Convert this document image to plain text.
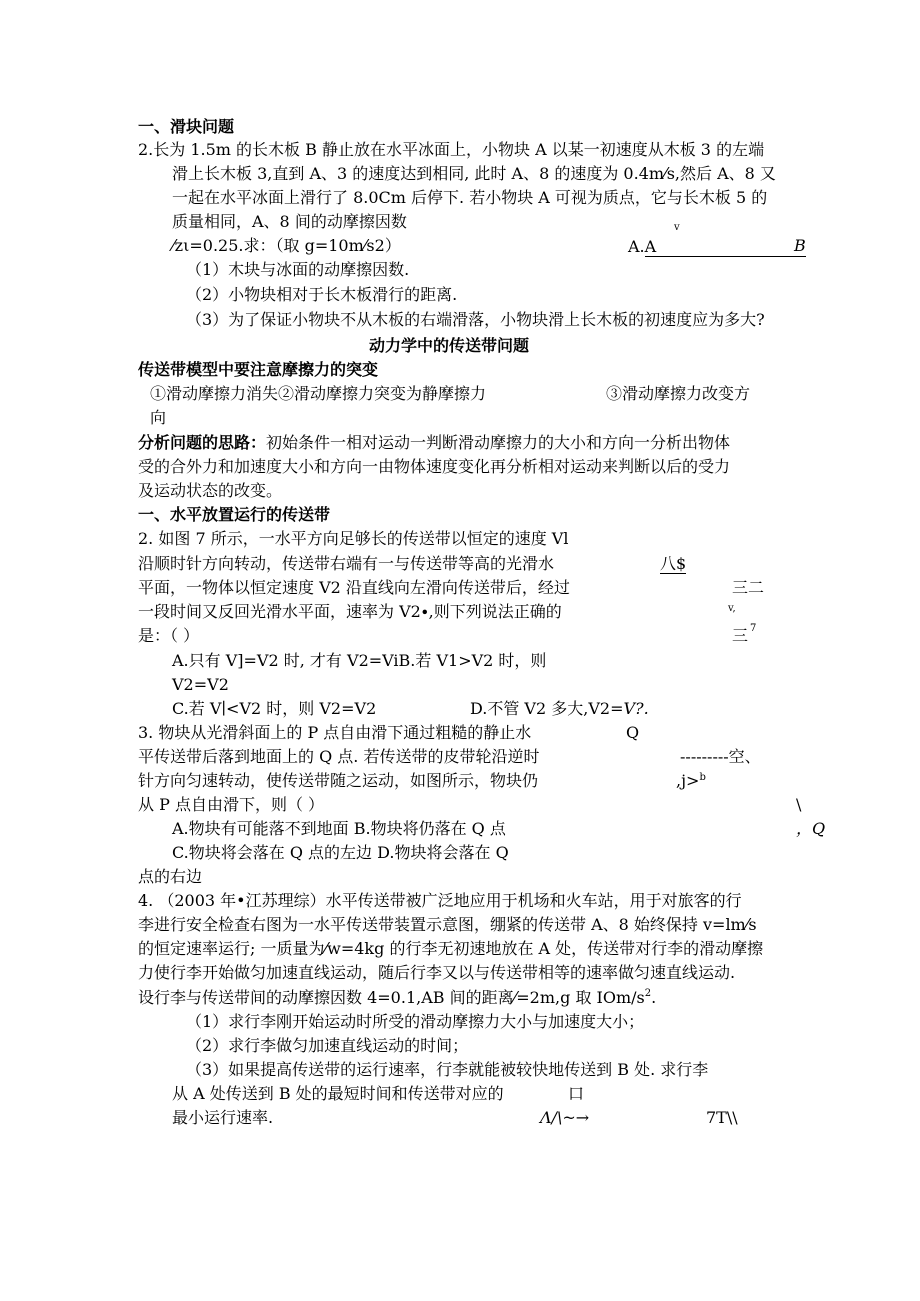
一、滑块问题
2.长为 1.5m 的长木板 B 静止放在水平冰面上，小物块 A 以某一初速度从木板 3 的左端
滑上长木板 3,直到 A、3 的速度达到相同, 此时 A、8 的速度为 0.4m⁄s,然后 A、8 又
一起在水平冰面上滑行了 8.0Cm 后停下. 若小物块 A 可视为质点，它与长木板 5 的
质量相同，A、8 间的动摩擦因数
⁄zι=0.25.求：（取 g=10m⁄s2）
v
A.A	B
（1）木块与冰面的动摩擦因数.
（2）小物块相对于长木板滑行的距离.
（3）为了保证小物块不从木板的右端滑落，小物块滑上长木板的初速度应为多大?
动力学中的传送带问题
传送带模型中要注意摩擦力的突变
①滑动摩擦力消失②滑动摩擦力突变为静摩擦力	③滑动摩擦力改变方
向
分析问题的思路：初始条件一相对运动一判断滑动摩擦力的大小和方向一分析出物体
受的合外力和加速度大小和方向一由物体速度变化再分析相对运动来判断以后的受力
及运动状态的改变。
一、水平放置运行的传送带
2. 如图 7 所示，一水平方向足够长的传送带以恒定的速度 Vl
沿顺时针方向转动，传送带右端有一与传送带等高的光滑水	八$
平面，一物体以恒定速度 V2 沿直线向左滑向传送带后，经过	三二
一段时间又反回光滑水平面，速率为 V2∙,则下列说法正确的	v,
是：（ ）	三 7
A.只有 V]=V2 时, 才有 V2=ViB.若 V1>V2 时，则
V2=V2
C.若 V∣<V2 时，则 V2=V2	D.不管 V2 多大,V2=V?.
3. 物块从光滑斜面上的 P 点自由滑下通过粗糙的静止水	Q
平传送带后落到地面上的 Q 点. 若传送带的皮带轮沿逆时	---------空、
针方向匀速转动，使传送带随之运动，如图所示，物块仍	,j>$^b$
从 P 点自由滑下，则（ ）	\
A.物块有可能落不到地面 B.物块将仍落在 Q 点	，Q
C.物块将会落在 Q 点的左边 D.物块将会落在 Q
点的右边
4. （2003 年•江苏理综）水平传送带被广泛地应用于机场和火车站，用于对旅客的行
李进行安全检查右图为一水平传送带装置示意图，绷紧的传送带 A、8 始终保持 v=lm⁄s
的恒定速率运行; 一质量为⁄w=4kg 的行李无初速地放在 A 处，传送带对行李的滑动摩擦
力使行李开始做匀加速直线运动，随后行李又以与传送带相等的速率做匀速直线运动.
设行李与传送带间的动摩擦因数 4=0.1,AB 间的距离⁄=2m,g 取 IOm/$s^2$.
（1）求行李刚开始运动时所受的滑动摩擦力大小与加速度大小；
（2）求行李做匀加速直线运动的时间；
（3）如果提高传送带的运行速率，行李就能被较快地传送到 B 处. 求行李
从 A 处传送到 B 处的最短时间和传送带对应的	口
最小运行速率.	Λ∕\~→	7T\\
